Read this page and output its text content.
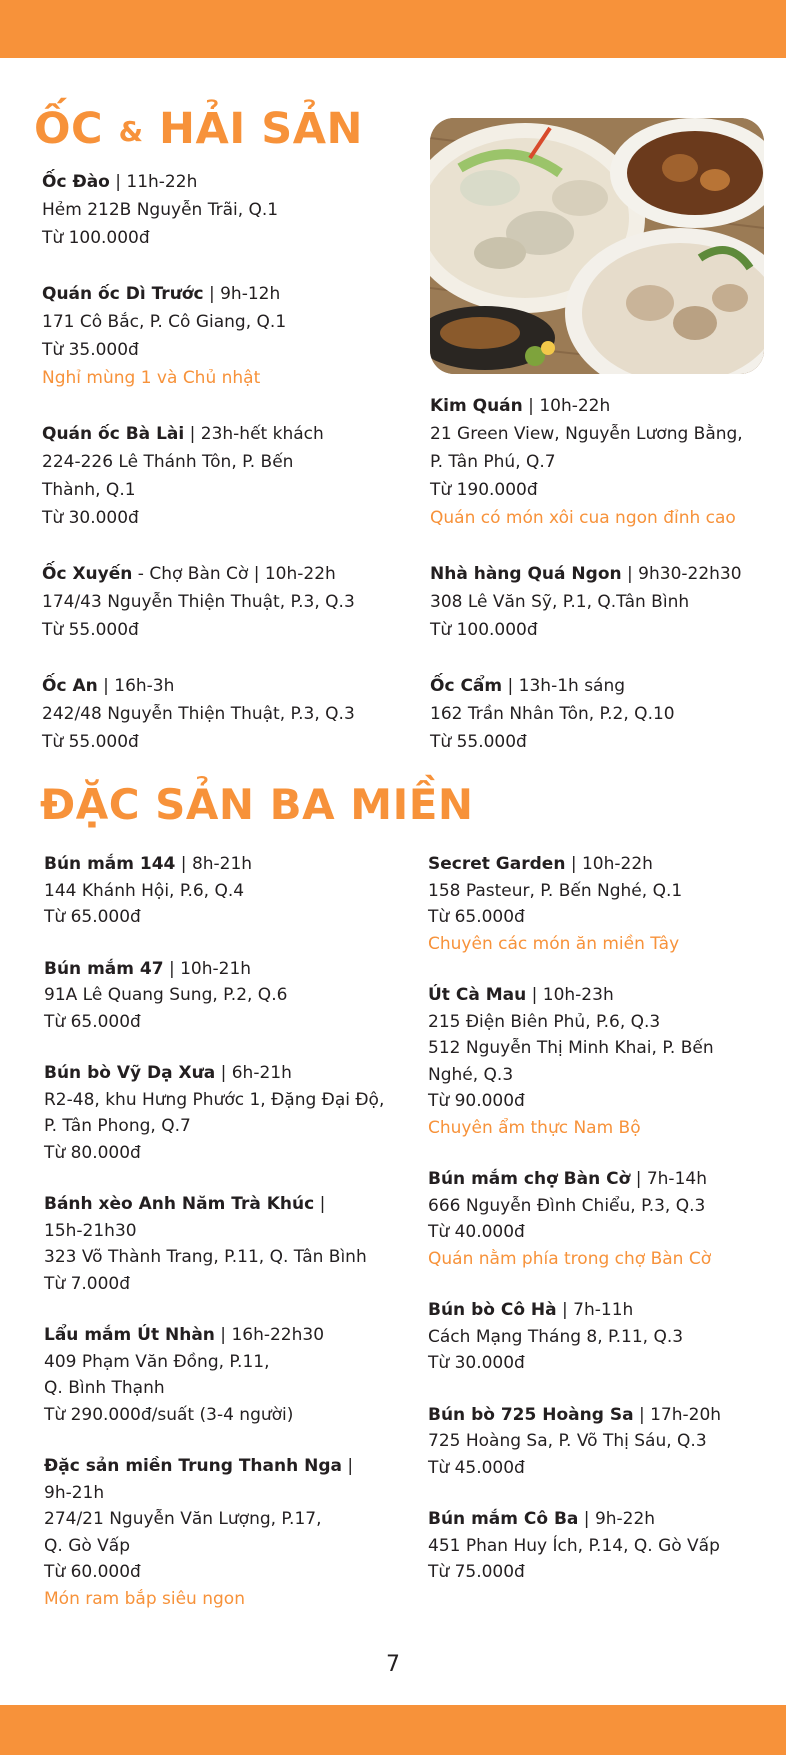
ỐC & HẢI SẢN
Ốc Đào | 11h-22h
Hẻm 212B Nguyễn Trãi, Q.1
Từ 100.000đ
Quán ốc Dì Trước | 9h-12h
171 Cô Bắc, P. Cô Giang, Q.1
Từ 35.000đ
Nghỉ mùng 1 và Chủ nhật
Quán ốc Bà Lài | 23h-hết khách
224-226 Lê Thánh Tôn, P. Bến
Thành, Q.1
Từ 30.000đ
Ốc Xuyến - Chợ Bàn Cờ | 10h-22h
174/43 Nguyễn Thiện Thuật, P.3, Q.3
Từ 55.000đ
Ốc An | 16h-3h
242/48 Nguyễn Thiện Thuật, P.3, Q.3
Từ 55.000đ
Kim Quán | 10h-22h
21 Green View, Nguyễn Lương Bằng,
P. Tân Phú, Q.7
Từ 190.000đ
Quán có món xôi cua ngon đỉnh cao
Nhà hàng Quá Ngon | 9h30-22h30
308 Lê Văn Sỹ, P.1, Q.Tân Bình
Từ 100.000đ
Ốc Cẩm | 13h-1h sáng
162 Trần Nhân Tôn, P.2, Q.10
Từ 55.000đ
ĐẶC SẢN BA MIỀN
Bún mắm 144 | 8h-21h
144 Khánh Hội, P.6, Q.4
Từ 65.000đ
Bún mắm 47 | 10h-21h
91A Lê Quang Sung, P.2, Q.6
Từ 65.000đ
Bún bò Vỹ Dạ Xưa | 6h-21h
R2-48, khu Hưng Phước 1, Đặng Đại Độ,
P. Tân Phong, Q.7
Từ 80.000đ
Bánh xèo Anh Năm Trà Khúc |
15h-21h30
323 Võ Thành Trang, P.11, Q. Tân Bình
Từ 7.000đ
Lẩu mắm Út Nhàn | 16h-22h30
409 Phạm Văn Đồng, P.11,
Q. Bình Thạnh
Từ 290.000đ/suất (3-4 người)
Đặc sản miền Trung Thanh Nga |
9h-21h
274/21 Nguyễn Văn Lượng, P.17,
Q. Gò Vấp
Từ 60.000đ
Món ram bắp siêu ngon
Secret Garden | 10h-22h
158 Pasteur, P. Bến Nghé, Q.1
Từ 65.000đ
Chuyên các món ăn miền Tây
Út Cà Mau | 10h-23h
215 Điện Biên Phủ, P.6, Q.3
512 Nguyễn Thị Minh Khai, P. Bến
Nghé, Q.3
Từ 90.000đ
Chuyên ẩm thực Nam Bộ
Bún mắm chợ Bàn Cờ | 7h-14h
666 Nguyễn Đình Chiểu, P.3, Q.3
Từ 40.000đ
Quán nằm phía trong chợ Bàn Cờ
Bún bò Cô Hà | 7h-11h
Cách Mạng Tháng 8, P.11, Q.3
Từ 30.000đ
Bún bò 725 Hoàng Sa | 17h-20h
725 Hoàng Sa, P. Võ Thị Sáu, Q.3
Từ 45.000đ
Bún mắm Cô Ba | 9h-22h
451 Phan Huy Ích, P.14, Q. Gò Vấp
Từ 75.000đ
7
